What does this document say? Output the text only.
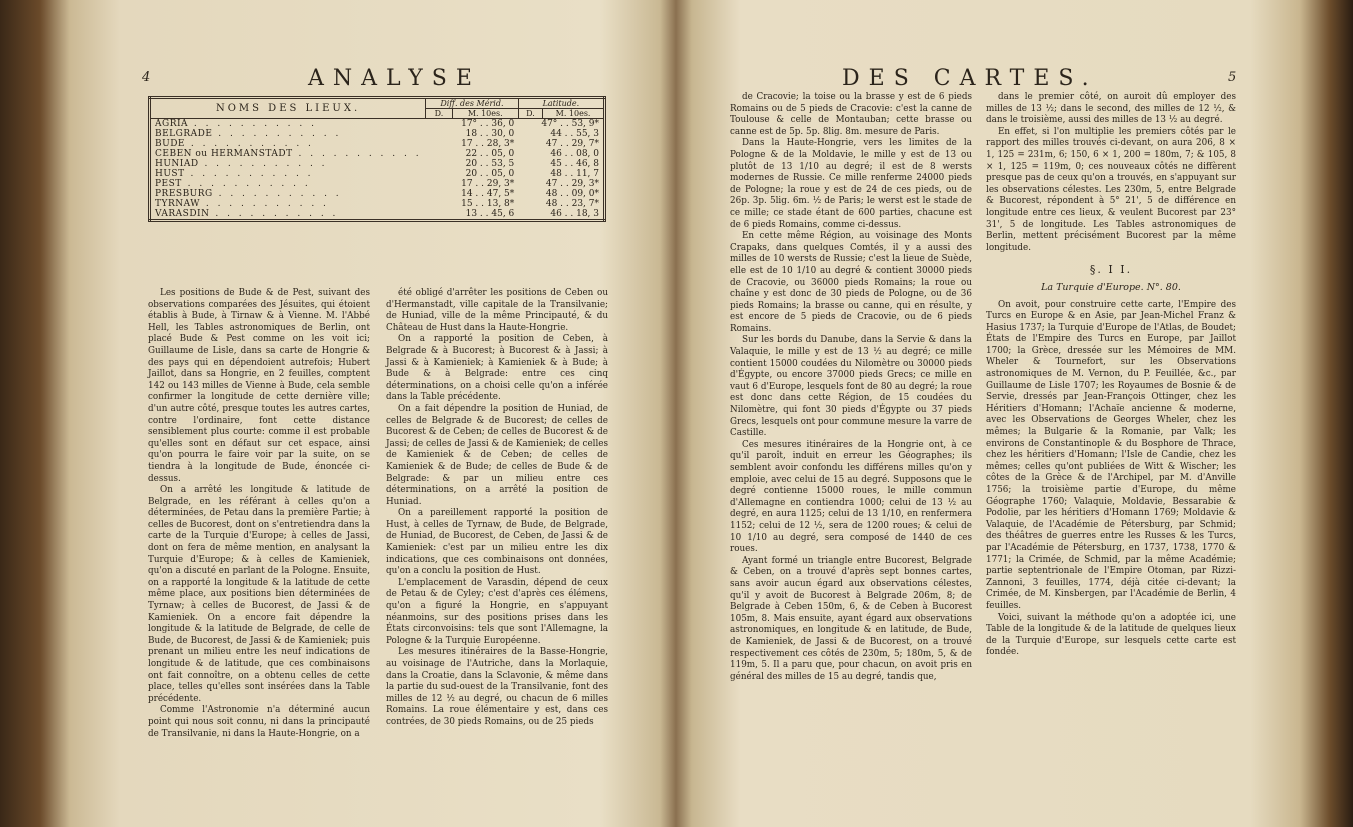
4	ANALYSE
NOMS DES LIEUX.	Diff. des Mérid.		Latitude.	
	D.	M. 10es.	D.	M. 10es.
AGRIA . . . . . . . . . . .	17° . . 36, 0		47° . . 53, 9*	
BELGRADE . . . . . . . . . . .	18 . . 30, 0		44 . . 55, 3	
BUDE . . . . . . . . . . .	17 . . 28, 3*		47 . . 29, 7*	
CEBEN ou HERMANSTADT . . . . . . . . . . .	22 . . 05, 0		46 . . 08, 0	
HUNIAD . . . . . . . . . . .	20 . . 53, 5		45 . . 46, 8	
HUST . . . . . . . . . . .	20 . . 05, 0		48 . . 11, 7	
PEST . . . . . . . . . . .	17 . . 29, 3*		47 . . 29, 3*	
PRESBURG . . . . . . . . . . .	14 . . 47, 5*		48 . . 09, 0*	
TYRNAW . . . . . . . . . . .	15 . . 13, 8*		48 . . 23, 7*	
VARASDIN . . . . . . . . . . .	13 . . 45, 6		46 . . 18, 3	

Les positions de Bude & de Pest, suivant des observations comparées des Jésuites, qui étoient établis à Bude, à Tirnaw & à Vienne. M. l'Abbé Hell, les Tables astronomiques de Berlin, ont placé Bude & Pest comme on les voit ici; Guillaume de Lisle, dans sa carte de Hongrie & des pays qui en dépendoient autrefois; Hubert Jaillot, dans sa Hongrie, en 2 feuilles, comptent 142 ou 143 milles de Vienne à Bude, cela semble confirmer la longitude de cette dernière ville; d'un autre côté, presque toutes les autres cartes, contre l'ordinaire, font cette distance sensiblement plus courte: comme il est probable qu'elles sont en défaut sur cet espace, ainsi qu'on pourra le faire voir par la suite, on se tiendra à la longitude de Bude, énoncée ci-dessus.

On a arrêté les longitude & latitude de Belgrade, en les référant à celles qu'on a déterminées, de Petau dans la première Partie; à celles de Bucorest, dont on s'entretiendra dans la carte de la Turquie d'Europe; à celles de Jassi, dont on fera de même mention, en analysant la Turquie d'Europe; & à celles de Kamieniek, qu'on a discuté en parlant de la Pologne. Ensuite, on a rapporté la longitude & la latitude de cette même place, aux positions bien déterminées de Tyrnaw; à celles de Bucorest, de Jassi & de Kamieniek. On a encore fait dépendre la longitude & la latitude de Belgrade, de celle de Bude, de Bucorest, de Jassi & de Kamieniek; puis prenant un milieu entre les neuf indications de longitude & de latitude, que ces combinaisons ont fait connoître, on a obtenu celles de cette place, telles qu'elles sont insérées dans la Table précédente.

Comme l'Astronomie n'a déterminé aucun point qui nous soit connu, ni dans la principauté de Transilvanie, ni dans la Haute-Hongrie, on a

été obligé d'arrêter les positions de Ceben ou d'Hermanstadt, ville capitale de la Transilvanie; de Huniad, ville de la même Principauté, & du Château de Hust dans la Haute-Hongrie.

On a rapporté la position de Ceben, à Belgrade & à Bucorest; à Bucorest & à Jassi; à Jassi & à Kamieniek; à Kamieniek & à Bude; à Bude & à Belgrade: entre ces cinq déterminations, on a choisi celle qu'on a inférée dans la Table précédente.

On a fait dépendre la position de Huniad, de celles de Belgrade & de Bucorest; de celles de Bucorest & de Ceben; de celles de Bucorest & de Jassi; de celles de Jassi & de Kamieniek; de celles de Kamieniek & de Ceben; de celles de Kamieniek & de Bude; de celles de Bude & de Belgrade: & par un milieu entre ces déterminations, on a arrêté la position de Huniad.

On a pareillement rapporté la position de Hust, à celles de Tyrnaw, de Bude, de Belgrade, de Huniad, de Bucorest, de Ceben, de Jassi & de Kamieniek: c'est par un milieu entre les dix indications, que ces combinaisons ont données, qu'on a conclu la position de Hust.

L'emplacement de Varasdin, dépend de ceux de Petau & de Cyley; c'est d'après ces élémens, qu'on a figuré la Hongrie, en s'appuyant néanmoins, sur des positions prises dans les États circonvoisins: tels que sont l'Allemagne, la Pologne & la Turquie Européenne.

Les mesures itinéraires de la Basse-Hongrie, au voisinage de l'Autriche, dans la Morlaquie, dans la Croatie, dans la Sclavonie, & même dans la partie du sud-ouest de la Transilvanie, font des milles de 12 ½ au degré, ou chacun de 6 milles Romains. La roue élémentaire y est, dans ces contrées, de 30 pieds Romains, ou de 25 pieds

DES CARTES.	5

de Cracovie; la toise ou la brasse y est de 6 pieds Romains ou de 5 pieds de Cracovie: c'est la canne de Toulouse & celle de Montauban; cette brasse ou canne est de 5p. 5p. 8lig. 8m. mesure de Paris.

Dans la Haute-Hongrie, vers les limites de la Pologne & de la Moldavie, le mille y est de 13 ou plutôt de 13 1/10 au degré; il est de 8 wersts modernes de Russie. Ce mille renferme 24000 pieds de Pologne; la roue y est de 24 de ces pieds, ou de 26p. 3p. 5lig. 6m. ½ de Paris; le werst est le stade de ce mille; ce stade étant de 600 parties, chacune est de 6 pieds Romains, comme ci-dessus.

En cette même Région, au voisinage des Monts Crapaks, dans quelques Comtés, il y a aussi des milles de 10 wersts de Russie; c'est la lieue de Suède, elle est de 10 1/10 au degré & contient 30000 pieds de Cracovie, ou 36000 pieds Romains; la roue ou chaîne y est donc de 30 pieds de Pologne, ou de 36 pieds Romains; la brasse ou canne, qui en résulte, y est encore de 5 pieds de Cracovie, ou de 6 pieds Romains.

Sur les bords du Danube, dans la Servie & dans la Valaquie, le mille y est de 13 ½ au degré; ce mille contient 15000 coudées du Nilomètre ou 30000 pieds d'Égypte, ou encore 37000 pieds Grecs; ce mille en vaut 6 d'Europe, lesquels font de 80 au degré; la roue est donc dans cette Région, de 15 coudées du Nilomètre, qui font 30 pieds d'Égypte ou 37 pieds Grecs, lesquels ont pour commune mesure la varre de Castille.

Ces mesures itinéraires de la Hongrie ont, à ce qu'il paroît, induit en erreur les Géographes; ils semblent avoir confondu les différens milles qu'on y emploie, avec celui de 15 au degré. Supposons que le degré contienne 15000 roues, le mille commun d'Allemagne en contiendra 1000; celui de 13 ½ au degré, en aura 1125; celui de 13 1/10, en renfermera 1152; celui de 12 ½, sera de 1200 roues; & celui de 10 1/10 au degré, sera composé de 1440 de ces roues.

Ayant formé un triangle entre Bucorest, Belgrade & Ceben, on a trouvé d'après sept bonnes cartes, sans avoir aucun égard aux observations célestes, qu'il y avoit de Bucorest à Belgrade 206m, 8; de Belgrade à Ceben 150m, 6, & de Ceben à Bucorest 105m, 8. Mais ensuite, ayant égard aux observations astronomiques, en longitude & en latitude, de Bude, de Kamieniek, de Jassi & de Bucorest, on a trouvé respectivement ces côtés de 230m, 5; 180m, 5, & de 119m, 5. Il a paru que, pour chacun, on avoit pris en général des milles de 15 au degré, tandis que,

dans le premier côté, on auroit dû employer des milles de 13 ½; dans le second, des milles de 12 ½, & dans le troisième, aussi des milles de 13 ½ au degré.

En effet, si l'on multiplie les premiers côtés par le rapport des milles trouvés ci-devant, on aura 206, 8 × 1, 125 = 231m, 6; 150, 6 × 1, 200 = 180m, 7; & 105, 8 × 1, 125 = 119m, 0; ces nouveaux côtés ne diffèrent presque pas de ceux qu'on a trouvés, en s'appuyant sur les observations célestes. Les 230m, 5, entre Belgrade & Bucorest, répondent à 5° 21', 5 de différence en longitude entre ces lieux, & veulent Bucorest par 23° 31', 5 de longitude. Les Tables astronomiques de Berlin, mettent précisément Bucorest par la même longitude.

§. I I.
La Turquie d'Europe. N°. 80.

On avoit, pour construire cette carte, l'Empire des Turcs en Europe & en Asie, par Jean-Michel Franz & Hasius 1737; la Turquie d'Europe de l'Atlas, de Boudet; États de l'Empire des Turcs en Europe, par Jaillot 1700; la Grèce, dressée sur les Mémoires de MM. Wheler & Tournefort, sur les Observations astronomiques de M. Vernon, du P. Feuillée, &c., par Guillaume de Lisle 1707; les Royaumes de Bosnie & de Servie, dressés par Jean-François Ottinger, chez les Héritiers d'Homann; l'Achaïe ancienne & moderne, avec les Observations de Georges Wheler, chez les mêmes; la Bulgarie & la Romanie, par Valk; les environs de Constantinople & du Bosphore de Thrace, chez les héritiers d'Homann; l'Isle de Candie, chez les mêmes; celles qu'ont publiées de Witt & Wischer; les côtes de la Grèce & de l'Archipel, par M. d'Anville 1756; la troisième partie d'Europe, du même Géographe 1760; Valaquie, Moldavie, Bessarabie & Podolie, par les héritiers d'Homann 1769; Moldavie & Valaquie, de l'Académie de Pétersburg, par Schmid; des théâtres de guerres entre les Russes & les Turcs, par l'Académie de Pétersburg, en 1737, 1738, 1770 & 1771; la Crimée, de Schmid, par la même Académie; partie septentrionale de l'Empire Otoman, par Rizzi-Zannoni, 3 feuilles, 1774, déjà citée ci-devant; la Crimée, de M. Kinsbergen, par l'Académie de Berlin, 4 feuilles.

Voici, suivant la méthode qu'on a adoptée ici, une Table de la longitude & de la latitude de quelques lieux de la Turquie d'Europe, sur lesquels cette carte est fondée.
